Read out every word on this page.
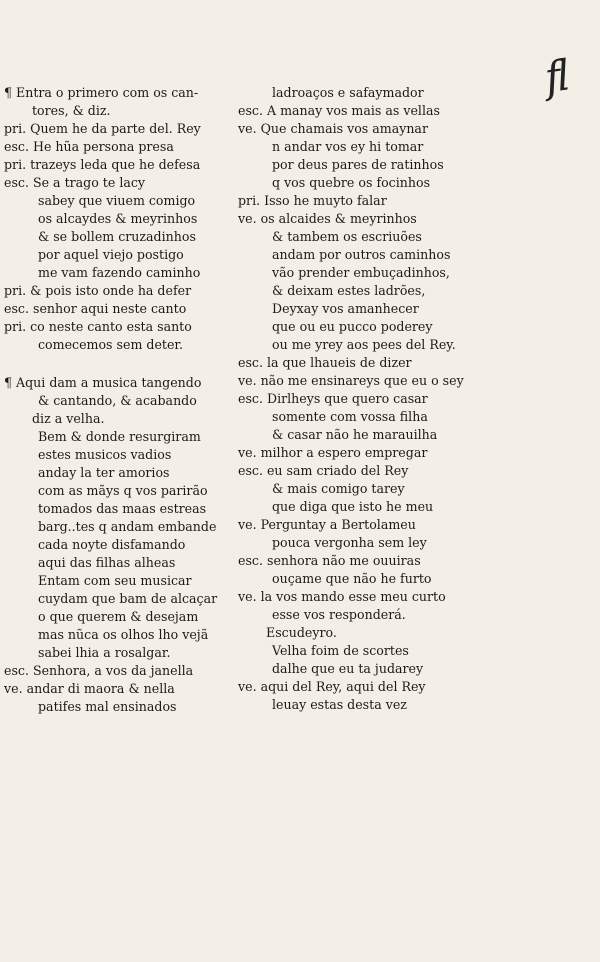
fl
¶ Entra o primero com os can-
tores, & diz.
pri. Quem he da parte del. Rey
esc. He hũa persona presa
pri. trazeys leda que he defesa
esc. Se a trago te lacy
sabey que viuem comigo
os alcaydes & meyrinhos
& se bollem cruzadinhos
por aquel viejo postigo
me vam fazendo caminho
pri. & pois isto onde ha defer
esc. senhor aqui neste canto
pri. co neste canto esta santo
comecemos sem deter.
¶ Aqui dam a musica tangendo
& cantando, & acabando
diz a velha.
Bem & donde resurgiram
estes musicos vadios
anday la ter amorios
com as mãys q vos parirão
tomados das maas estreas
barg..tes q andam embande
cada noyte disfamando
aqui das filhas alheas
Entam com seu musicar
cuydam que bam de alcaçar
o que querem & desejam
mas nũca os olhos lho vejã
sabei lhia a rosalgar.
esc. Senhora, a vos da janella
ve. andar di maora & nella
patifes mal ensinados
ladroaços e safaymador
esc. A manay vos mais as vellas
ve. Que chamais vos amaynar
n andar vos ey hi tomar
por deus pares de ratinhos
q vos quebre os focinhos
pri. Isso he muyto falar
ve. os alcaides & meyrinhos
& tambem os escriuões
andam por outros caminhos
vão prender embuçadinhos,
& deixam estes ladrões,
Deyxay vos amanhecer
que ou eu pucco poderey
ou me yrey aos pees del Rey.
esc. la que lhaueis de dizer
ve. não me ensinareys que eu o sey
esc. Dirlheys que quero casar
somente com vossa filha
& casar não he marauilha
ve. milhor a espero empregar
esc. eu sam criado del Rey
& mais comigo tarey
que diga que isto he meu
ve. Perguntay a Bertolameu
pouca vergonha sem ley
esc. senhora não me ouuiras
ouçame que não he furto
ve. la vos mando esse meu curto
esse vos responderá.
Escudeyro.
Velha foim de scortes
dalhe que eu ta judarey
ve. aqui del Rey, aqui del Rey
leuay estas desta vez
